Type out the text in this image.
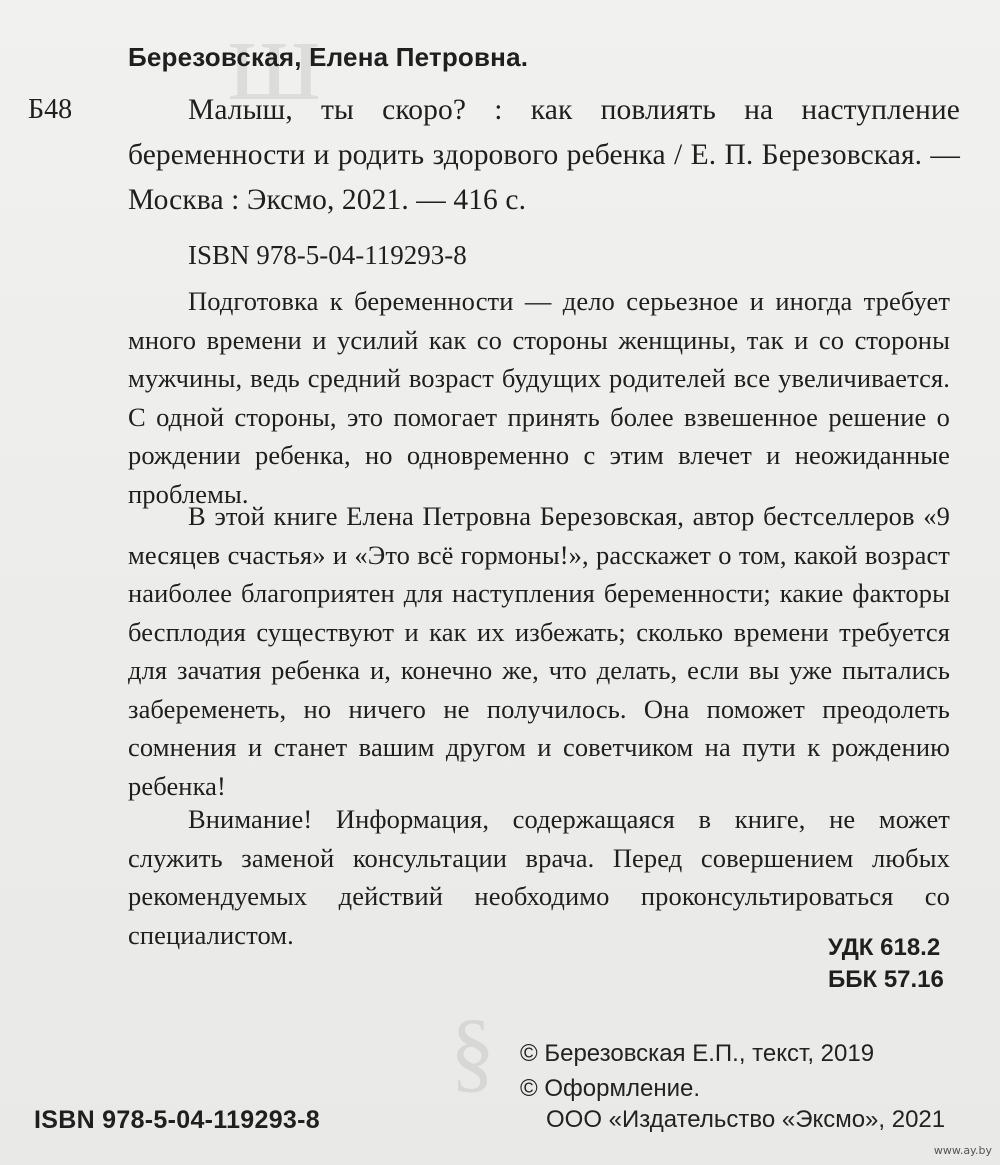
ш
§
Березовская, Елена Петровна.
Б48	Малыш, ты скоро? : как повлиять на наступление беременности и родить здорового ребенка / Е. П. Березовская. — Москва : Эксмо, 2021. — 416 с.
ISBN 978-5-04-119293-8
Подготовка к беременности — дело серьезное и иногда требует много времени и усилий как со стороны женщины, так и со стороны мужчины, ведь средний возраст будущих родителей все увеличивается. С одной стороны, это помогает принять более взвешенное решение о рождении ребенка, но одновременно с этим влечет и неожиданные проблемы.
В этой книге Елена Петровна Березовская, автор бестселлеров «9 месяцев счастья» и «Это всё гормоны!», расскажет о том, какой возраст наиболее благоприятен для наступления беременности; какие факторы бесплодия существуют и как их избежать; сколько времени требуется для зачатия ребенка и, конечно же, что делать, если вы уже пытались забеременеть, но ничего не получилось. Она поможет преодолеть сомнения и станет вашим другом и советчиком на пути к рождению ребенка!
Внимание! Информация, содержащаяся в книге, не может служить заменой консультации врача. Перед совершением любых рекомендуемых действий необходимо проконсультироваться со специалистом.	УДК 618.2
ББК 57.16
© Березовская Е.П., текст, 2019
© Оформление.
ООО «Издательство «Эксмо», 2021
ISBN 978-5-04-119293-8
www.ay.by
